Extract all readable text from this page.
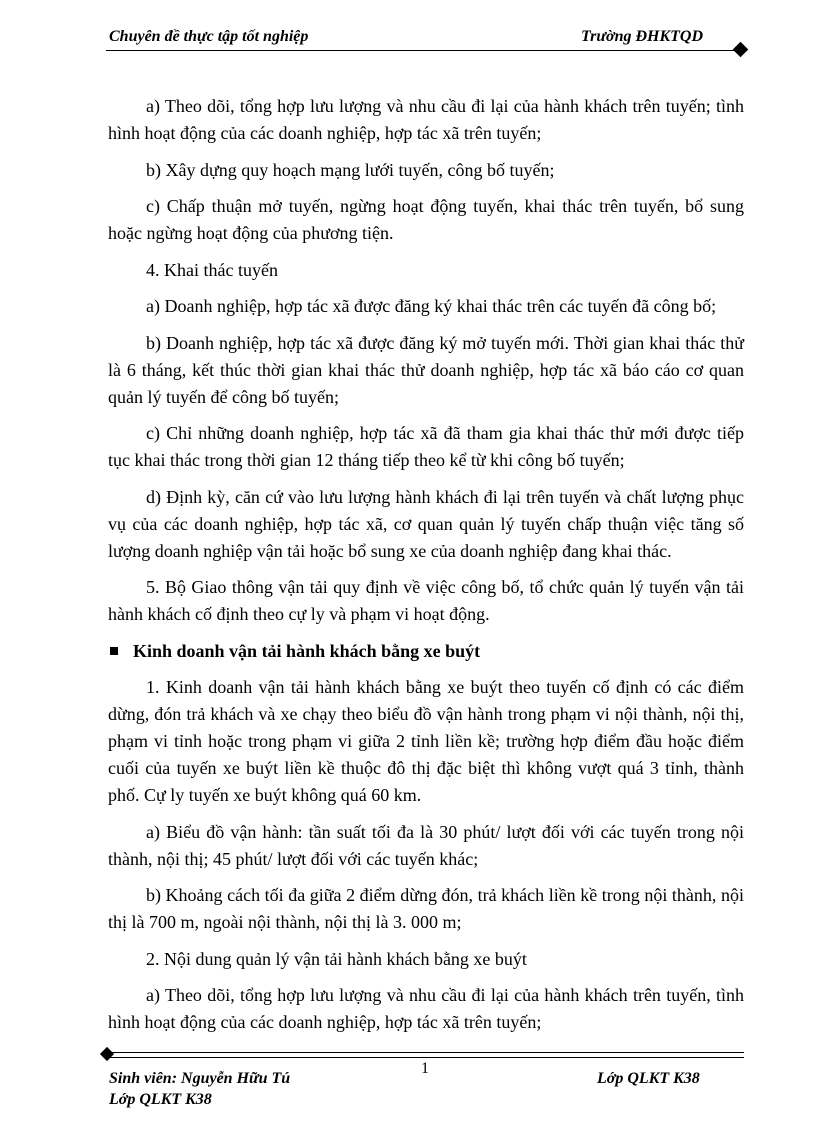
Chuyên đề thực tập tốt nghiệp	Trường ĐHKTQD

a) Theo dõi, tổng hợp lưu lượng và nhu cầu đi lại của hành khách trên tuyến; tình hình hoạt động của các doanh nghiệp, hợp tác xã trên tuyến;

b) Xây dựng quy hoạch mạng lưới tuyến, công bố tuyến;

c) Chấp thuận mở tuyến, ngừng hoạt động tuyến, khai thác trên tuyến, bổ sung hoặc ngừng hoạt động của phương tiện.

4. Khai thác tuyến

a) Doanh nghiệp, hợp tác xã được đăng ký khai thác trên các tuyến đã công bố;

b) Doanh nghiệp, hợp tác xã được đăng ký mở tuyến mới. Thời gian khai thác thử là 6 tháng, kết thúc thời gian khai thác thử doanh nghiệp, hợp tác xã báo cáo cơ quan quản lý tuyến để công bố tuyến;

c) Chỉ những doanh nghiệp, hợp tác xã đã tham gia khai thác thử mới được tiếp tục khai thác trong thời gian 12 tháng tiếp theo kể từ khi công bố tuyến;

d) Định kỳ, căn cứ vào lưu lượng hành khách đi lại trên tuyến và chất lượng phục vụ của các doanh nghiệp, hợp tác xã, cơ quan quản lý tuyến chấp thuận việc tăng số lượng doanh nghiệp vận tải hoặc bổ sung xe của doanh nghiệp đang khai thác.

5. Bộ Giao thông vận tải quy định về việc công bố, tổ chức quản lý tuyến vận tải hành khách cố định theo cự ly và phạm vi hoạt động.

Kinh doanh vận tải hành khách bằng xe buýt

1. Kinh doanh vận tải hành khách bằng xe buýt theo tuyến cố định có các điểm dừng, đón trả khách và xe chạy theo biểu đồ vận hành trong phạm vi nội thành, nội thị, phạm vi tỉnh hoặc trong phạm vi giữa 2 tỉnh liền kề; trường hợp điểm đầu hoặc điểm cuối của tuyến xe buýt liền kề thuộc đô thị đặc biệt thì không vượt quá 3 tỉnh, thành phố. Cự ly tuyến xe buýt không quá 60 km.

a) Biểu đồ vận hành: tần suất tối đa là 30 phút/ lượt đối với các tuyến trong nội thành, nội thị; 45 phút/ lượt đối với các tuyến khác;

b) Khoảng cách tối đa giữa 2 điểm dừng đón, trả khách liền kề trong nội thành, nội thị là 700 m, ngoài nội thành, nội thị là 3. 000 m;

2. Nội dung quản lý vận tải hành khách bằng xe buýt

a) Theo dõi, tổng hợp lưu lượng và nhu cầu đi lại của hành khách trên tuyến, tình hình hoạt động của các doanh nghiệp, hợp tác xã trên tuyến;

1
Sinh viên: Nguyễn Hữu Tú
Lớp QLKT K38
Lớp QLKT K38
